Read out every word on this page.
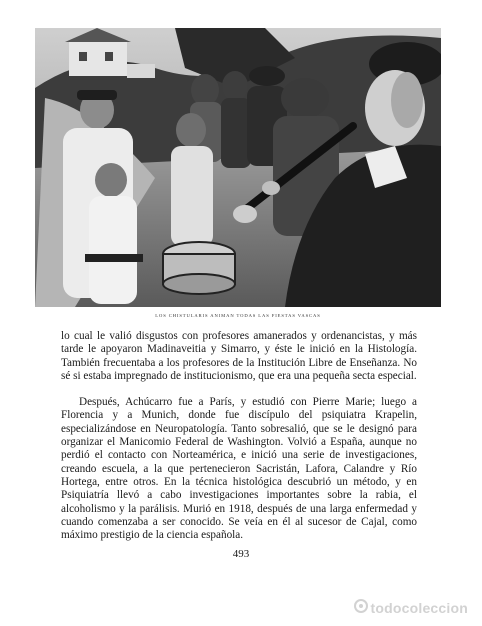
LOS CHISTULARIS ANIMAN TODAS LAS FIESTAS VASCAS

lo cual le valió disgustos con profesores amanerados y ordenancistas, y más tarde le apoyaron Madinaveitia y Simarro, y éste le inició en la Histología. También frecuentaba a los profesores de la Institución Libre de Enseñanza. No sé si estaba impregnado de institucionismo, que era una pequeña secta especial.

Después, Achúcarro fue a París, y estudió con Pierre Marie; luego a Florencia y a Munich, donde fue discípulo del psiquiatra Krapelin, especializándose en Neuropatología. Tanto sobresalió, que se le designó para organizar el Manicomio Federal de Washington. Volvió a España, aunque no perdió el contacto con Norteamérica, e inició una serie de investigaciones, creando escuela, a la que pertenecieron Sacristán, Lafora, Calandre y Río Hortega, entre otros. En la técnica histológica descubrió un método, y en Psiquiatría llevó a cabo investigaciones importantes sobre la rabia, el alcoholismo y la parálisis. Murió en 1918, después de una larga enfermedad y cuando comenzaba a ser conocido. Se veía en él al sucesor de Cajal, como máximo prestigio de la ciencia española.

493
todocoleccion
